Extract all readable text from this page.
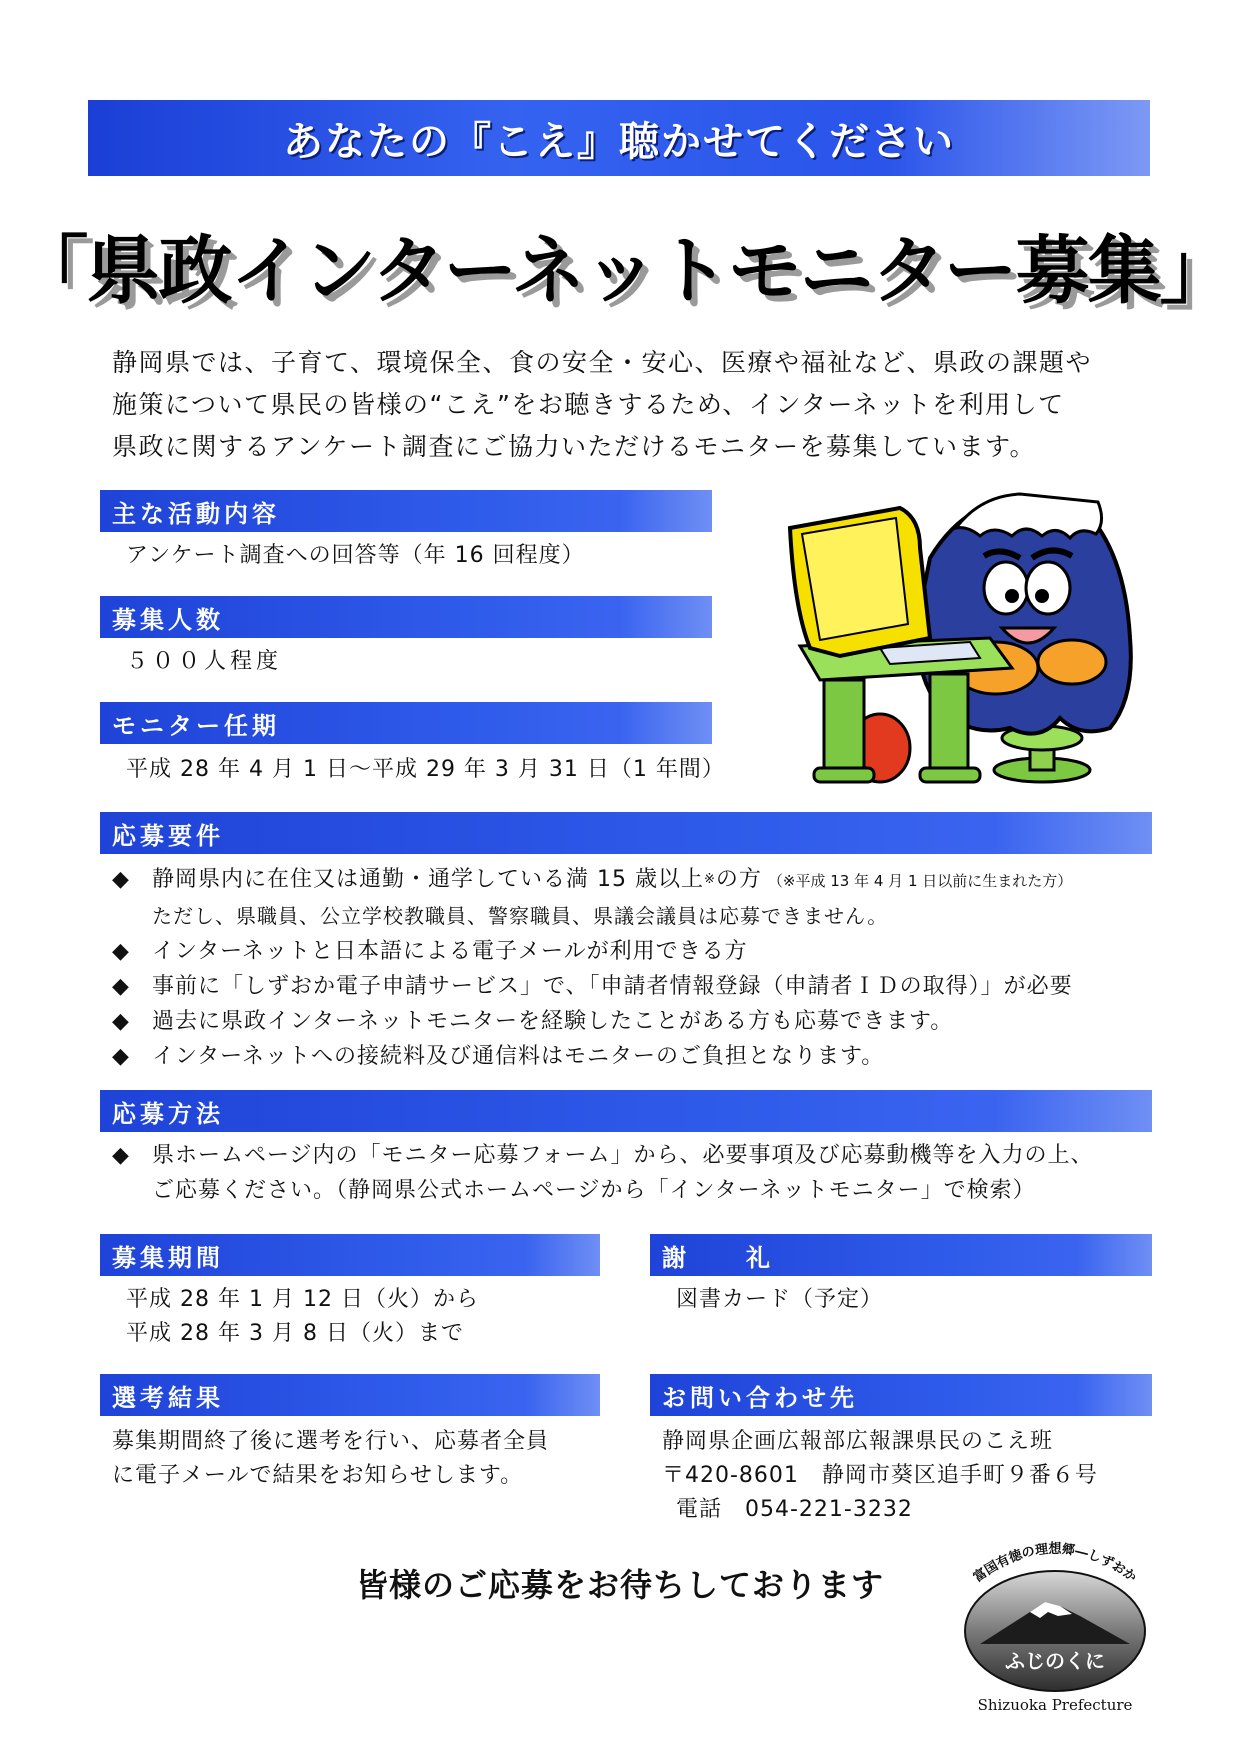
あなたの『こえ』聴かせてください
「県政インターネットモニター募集」
静岡県では、子育て、環境保全、食の安全・安心、医療や福祉など、県政の課題や
施策について県民の皆様の“こえ”をお聴きするため、インターネットを利用して
県政に関するアンケート調査にご協力いただけるモニターを募集しています。
主な活動内容
アンケート調査への回答等（年 16 回程度）
募集人数
５００人程度
モニター任期
平成 28 年 4 月 1 日～平成 29 年 3 月 31 日（1 年間）
応募要件
◆	静岡県内に在住又は通勤・通学している満 15 歳以上 ※ の方 （※平成 13 年 4 月 1 日以前に生まれた方）
ただし、県職員、公立学校教職員、警察職員、県議会議員は応募できません。
◆	インターネットと日本語による電子メールが利用できる方
◆	事前に「しずおか電子申請サービス」で、「申請者情報登録（申請者ＩＤの取得）」が必要
◆	過去に県政インターネットモニターを経験したことがある方も応募できます。
◆	インターネットへの接続料及び通信料はモニターのご負担となります。
応募方法
◆	県ホームページ内の「モニター応募フォーム」から、必要事項及び応募動機等を入力の上、
ご応募ください。（静岡県公式ホームページから「インターネットモニター」で検索）
募集期間
平成 28 年 1 月 12 日（火）から
平成 28 年 3 月 8 日（火）まで
謝　　礼
図書カード（予定）
選考結果
募集期間終了後に選考を行い、応募者全員
に電子メールで結果をお知らせします。
お問い合わせ先
静岡県企画広報部広報課県民のこえ班
〒420-8601　静岡市葵区追手町９番６号
電話　054-221-3232
皆様のご応募をお待ちしております	富国有徳の理想郷―しずおか
ふじのくに
Shizuoka Prefecture
